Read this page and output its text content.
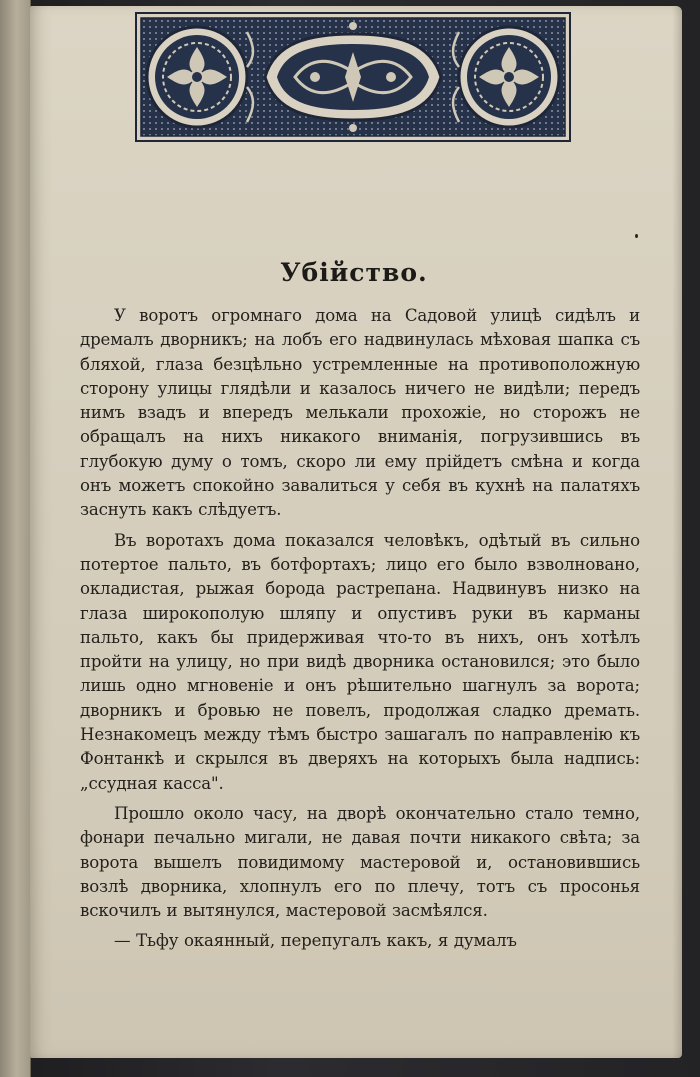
Убійство.

У воротъ огромнаго дома на Садовой улицѣ сидѣлъ и дремалъ дворникъ; на лобъ его надвинулась мѣховая шапка съ бляхой, глаза безцѣльно устремленные на противоположную сторону улицы глядѣли и казалось ничего не видѣли; передъ нимъ взадъ и впередъ мелькали прохожіе, но сторожъ не обращалъ на нихъ никакого вниманія, погрузившись въ глубокую думу о томъ, скоро ли ему прійдетъ смѣна и когда онъ можетъ спокойно завалиться у себя въ кухнѣ на палатяхъ заснуть какъ слѣдуетъ.

Въ воротахъ дома показался человѣкъ, одѣтый въ сильно потертое пальто, въ ботфортахъ; лицо его было взволновано, окладистая, рыжая борода растрепана. Надвинувъ низко на глаза широкополую шляпу и опустивъ руки въ карманы пальто, какъ бы придерживая что-то въ нихъ, онъ хотѣлъ пройти на улицу, но при видѣ дворника остановился; это было лишь одно мгновеніе и онъ рѣшительно шагнулъ за ворота; дворникъ и бровью не повелъ, продолжая сладко дремать. Незнакомецъ между тѣмъ быстро зашагалъ по направленію къ Фонтанкѣ и скрылся въ дверяхъ на которыхъ была надпись: „ссудная касса".

Прошло около часу, на дворѣ окончательно стало темно, фонари печально мигали, не давая почти никакого свѣта; за ворота вышелъ повидимому мастеровой и, остановившись возлѣ дворника, хлопнулъ его по плечу, тотъ съ просонья вскочилъ и вытянулся, мастеровой засмѣялся.

— Тьфу окаянный, перепугалъ какъ, я думалъ
